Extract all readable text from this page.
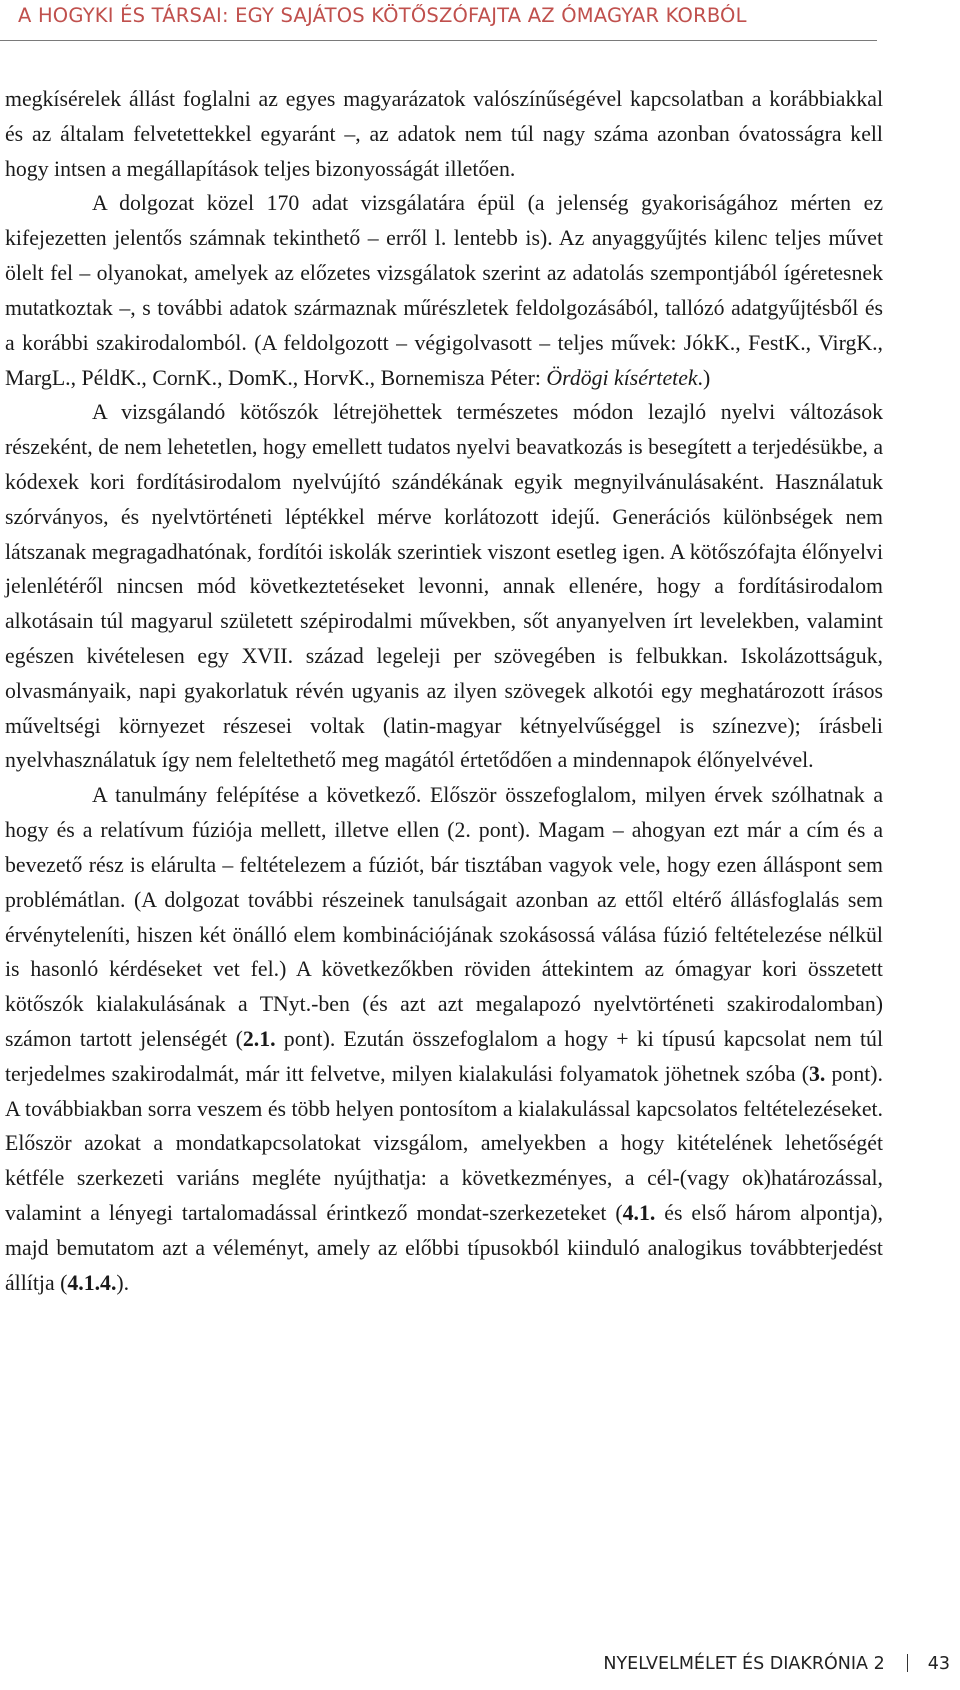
A HOGYKI ÉS TÁRSAI: EGY SAJÁTOS KÖTŐSZÓFAJTA AZ ÓMAGYAR KORBÓL

megkísérelek állást foglalni az egyes magyarázatok valószínűségével kapcsolatban a korábbiakkal és az általam felvetettekkel egyaránt –, az adatok nem túl nagy száma azonban óvatosságra kell hogy intsen a megállapítások teljes bizonyosságát illetően.

A dolgozat közel 170 adat vizsgálatára épül (a jelenség gyakoriságához mérten ez kifejezetten jelentős számnak tekinthető – erről l. lentebb is). Az anyaggyűjtés kilenc teljes művet ölelt fel – olyanokat, amelyek az előzetes vizsgálatok szerint az adatolás szempontjából ígéretesnek mutatkoztak –, s további adatok származnak műrészletek feldolgozásából, tallózó adatgyűjtésből és a korábbi szakirodalomból. (A feldolgozott – végigolvasott – teljes művek: JókK., FestK., VirgK., MargL., PéldK., CornK., DomK., HorvK., Bornemisza Péter: Ördögi kísértetek.)

A vizsgálandó kötőszók létrejöhettek természetes módon lezajló nyelvi változások részeként, de nem lehetetlen, hogy emellett tudatos nyelvi beavatkozás is besegített a terjedésükbe, a kódexek kori fordításirodalom nyelvújító szándékának egyik megnyilvánulásaként. Használatuk szórványos, és nyelvtörténeti léptékkel mérve korlátozott idejű. Generációs különbségek nem látszanak megragadhatónak, fordítói iskolák szerintiek viszont esetleg igen. A kötőszófajta élőnyelvi jelenlétéről nincsen mód következtetéseket levonni, annak ellenére, hogy a fordításirodalom alkotásain túl magyarul született szépirodalmi művekben, sőt anyanyelven írt levelekben, valamint egészen kivételesen egy XVII. század legeleji per szövegében is felbukkan. Iskolázottságuk, olvasmányaik, napi gyakorlatuk révén ugyanis az ilyen szövegek alkotói egy meghatározott írásos műveltségi környezet részesei voltak (latin-magyar kétnyelvűséggel is színezve); írásbeli nyelvhasználatuk így nem feleltethető meg magától értetődően a mindennapok élőnyelvével.

A tanulmány felépítése a következő. Először összefoglalom, milyen érvek szólhatnak a hogy és a relatívum fúziója mellett, illetve ellen (2. pont). Magam – ahogyan ezt már a cím és a bevezető rész is elárulta – feltételezem a fúziót, bár tisztában vagyok vele, hogy ezen álláspont sem problémátlan. (A dolgozat további részeinek tanulságait azonban az ettől eltérő állásfoglalás sem érvényteleníti, hiszen két önálló elem kombinációjának szokásossá válása fúzió feltételezése nélkül is hasonló kérdéseket vet fel.) A következőkben röviden áttekintem az ómagyar kori összetett kötőszók kialakulásának a TNyt.-ben (és azt azt megalapozó nyelvtörténeti szakirodalomban) számon tartott jelenségét (2.1. pont). Ezután összefoglalom a hogy + ki típusú kapcsolat nem túl terjedelmes szakirodalmát, már itt felvetve, milyen kialakulási folyamatok jöhetnek szóba (3. pont). A továbbiakban sorra veszem és több helyen pontosítom a kialakulással kapcsolatos feltételezéseket. Először azokat a mondatkapcsolatokat vizsgálom, amelyekben a hogy kitételének lehetőségét kétféle szerkezeti variáns megléte nyújthatja: a következményes, a cél-(vagy ok)határozással, valamint a lényegi tartalomadással érintkező mondat-szerkezeteket (4.1. és első három alpontja), majd bemutatom azt a véleményt, amely az előbbi típusokból kiinduló analogikus továbbterjedést állítja (4.1.4.).

NYELVELMÉLET ÉS DIAKRÓNIA 2 43
